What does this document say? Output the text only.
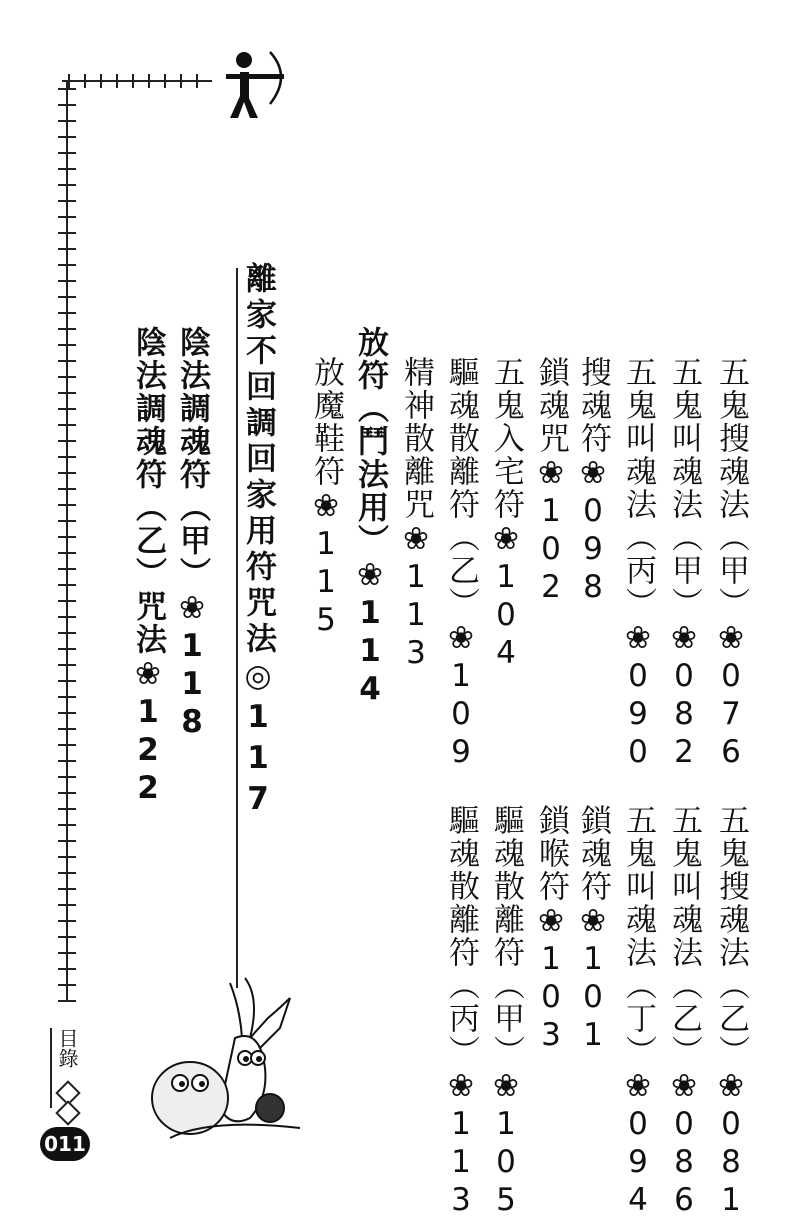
五鬼搜魂法（甲）❀076
五鬼叫魂法（甲）❀082
五鬼叫魂法（丙）❀090
搜魂符❀098
鎖魂咒❀102
五鬼入宅符❀104
驅魂散離符（乙）❀109
精神散離咒❀113
放符（鬥法用）❀114
放魔鞋符❀115
離家不回調回家用符咒法◎117
陰法調魂符（甲）❀118
陰法調魂符（乙）咒法❀122
五鬼搜魂法（乙）❀081
五鬼叫魂法（乙）❀086
五鬼叫魂法（丁）❀094
鎖魂符❀101
鎖喉符❀103
驅魂散離符（甲）❀105
驅魂散離符（丙）❀113
目錄
011
